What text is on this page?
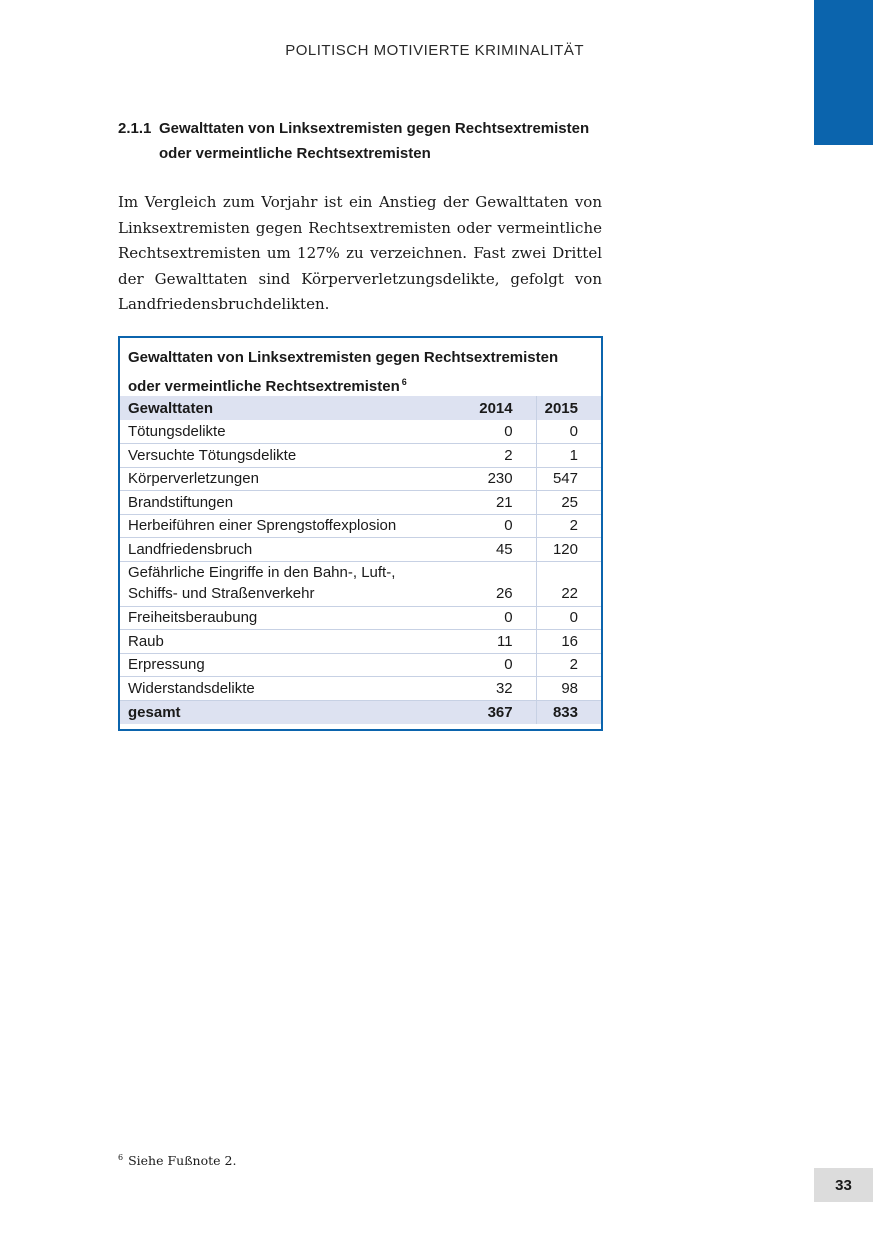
POLITISCH MOTIVIERTE KRIMINALITÄT
2.1.1 Gewalttaten von Linksextremisten gegen Rechtsextremisten oder vermeintliche Rechtsextremisten

Im Vergleich zum Vorjahr ist ein Anstieg der Gewalttaten von Linksextremisten gegen Rechtsextremisten oder vermeintliche Rechtsextremisten um 127% zu verzeichnen. Fast zwei Drittel der Gewalttaten sind Körperverletzungsdelikte, gefolgt von Landfriedensbruchdelikten.

Gewalttaten von Linksextremisten gegen Rechtsextremisten oder vermeintliche Rechtsextremisten $^6$
Gewalttaten	2014	2015
Tötungsdelikte	0	0
Versuchte Tötungsdelikte	2	1
Körperverletzungen	230	547
Brandstiftungen	21	25
Herbeiführen einer Sprengstoffexplosion	0	2
Landfriedensbruch	45	120
Gefährliche Eingriffe in den Bahn-, Luft-, Schiffs- und Straßenverkehr	26	22
Freiheitsberaubung	0	0
Raub	11	16
Erpressung	0	2
Widerstandsdelikte	32	98
gesamt	367	833
$^6$ Siehe Fußnote 2.
33
